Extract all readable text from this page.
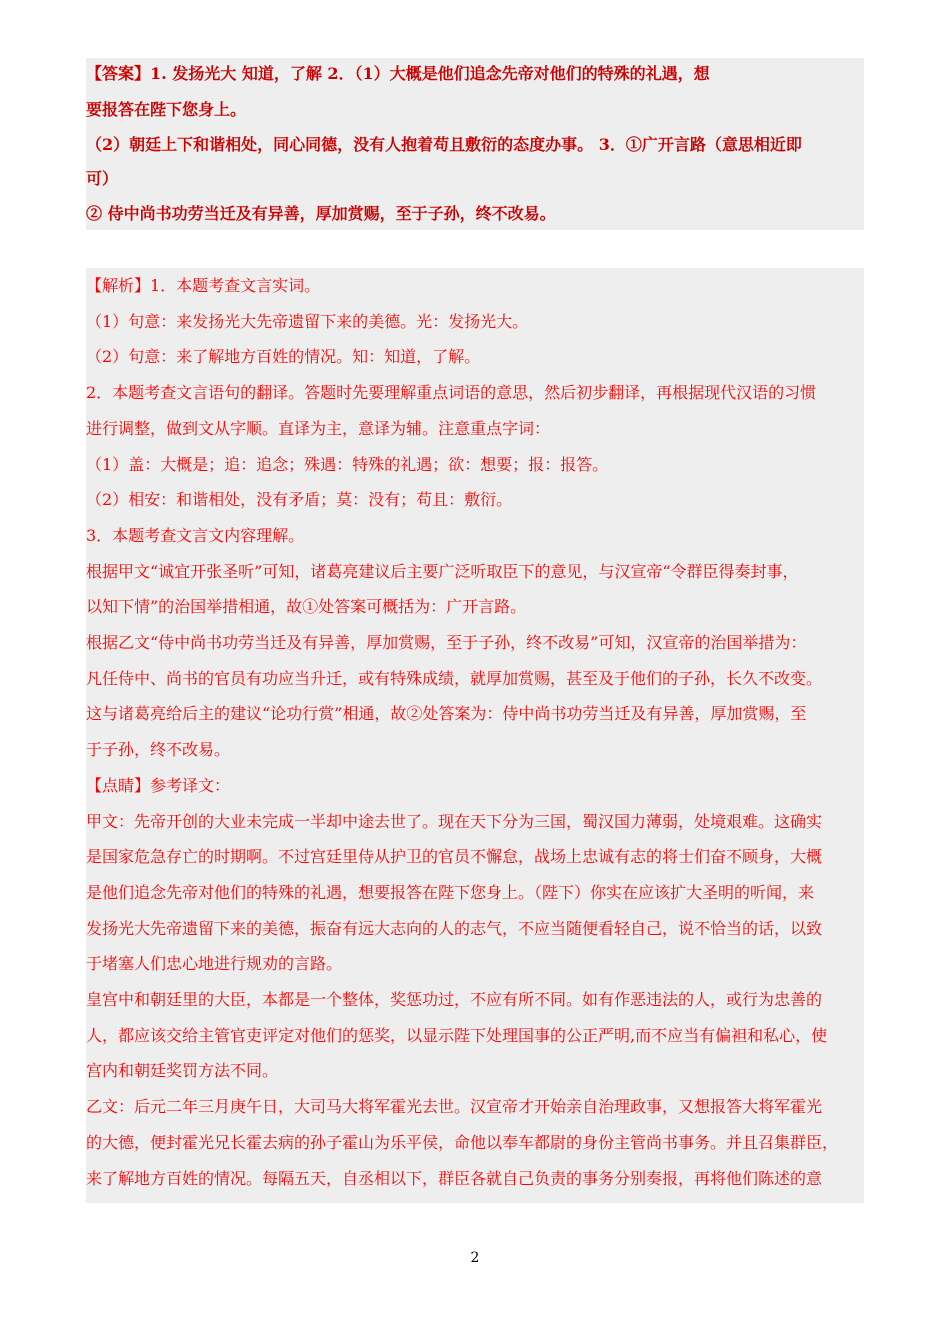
【答案】1. 发扬光大 知道，了解 2．（1）大概是他们追念先帝对他们的特殊的礼遇，想
要报答在陛下您身上。
（2）朝廷上下和谐相处，同心同德，没有人抱着苟且敷衍的态度办事。 3．①广开言路（意思相近即
可）
② 侍中尚书功劳当迁及有异善，厚加赏赐，至于子孙，终不改易。
【解析】1．本题考查文言实词。
（1）句意：来发扬光大先帝遗留下来的美德。光：发扬光大。
（2）句意：来了解地方百姓的情况。知：知道，了解。
2．本题考查文言语句的翻译。答题时先要理解重点词语的意思，然后初步翻译，再根据现代汉语的习惯
进行调整，做到文从字顺。直译为主，意译为辅。注意重点字词：
（1）盖：大概是；追：追念；殊遇：特殊的礼遇；欲：想要；报：报答。
（2）相安：和谐相处，没有矛盾；莫：没有；苟且：敷衍。
3．本题考查文言文内容理解。
根据甲文“诚宜开张圣听”可知，诸葛亮建议后主要广泛听取臣下的意见，与汉宣帝“令群臣得奏封事，
以知下情”的治国举措相通，故①处答案可概括为：广开言路。
根据乙文“侍中尚书功劳当迁及有异善，厚加赏赐，至于子孙，终不改易”可知，汉宣帝的治国举措为：
凡任侍中、尚书的官员有功应当升迁，或有特殊成绩，就厚加赏赐，甚至及于他们的子孙，长久不改变。
这与诸葛亮给后主的建议“论功行赏”相通，故②处答案为：侍中尚书功劳当迁及有异善，厚加赏赐，至
于子孙，终不改易。
【点睛】参考译文：
甲文：先帝开创的大业未完成一半却中途去世了。现在天下分为三国，蜀汉国力薄弱，处境艰难。这确实
是国家危急存亡的时期啊。不过宫廷里侍从护卫的官员不懈怠，战场上忠诚有志的将士们奋不顾身，大概
是他们追念先帝对他们的特殊的礼遇，想要报答在陛下您身上。（陛下）你实在应该扩大圣明的听闻，来
发扬光大先帝遗留下来的美德，振奋有远大志向的人的志气，不应当随便看轻自己，说不恰当的话，以致
于堵塞人们忠心地进行规劝的言路。
皇宫中和朝廷里的大臣，本都是一个整体，奖惩功过，不应有所不同。如有作恶违法的人，或行为忠善的
人，都应该交给主管官吏评定对他们的惩奖，以显示陛下处理国事的公正严明,而不应当有偏袒和私心，使
宫内和朝廷奖罚方法不同。
乙文：后元二年三月庚午日，大司马大将军霍光去世。汉宣帝才开始亲自治理政事，又想报答大将军霍光
的大德，便封霍光兄长霍去病的孙子霍山为乐平侯，命他以奉车都尉的身份主管尚书事务。并且召集群臣，
来了解地方百姓的情况。每隔五天，自丞相以下，群臣各就自己负责的事务分别奏报，再将他们陈述的意
2
